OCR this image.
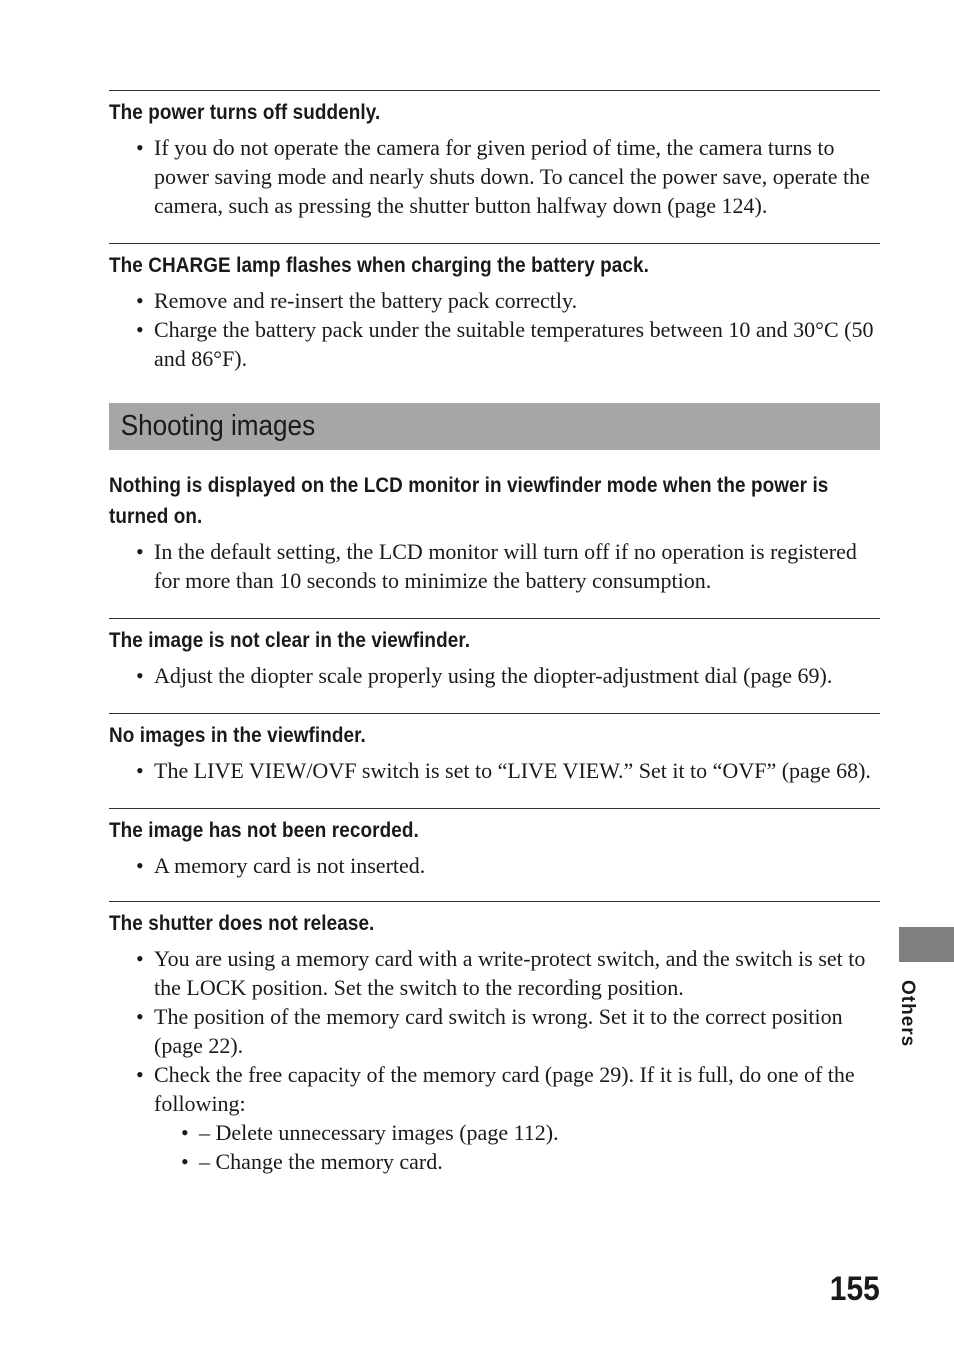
The power turns off suddenly.
• If you do not operate the camera for given period of time, the camera turns to power saving mode and nearly shuts down. To cancel the power save, operate the camera, such as pressing the shutter button halfway down (page 124).
The CHARGE lamp flashes when charging the battery pack.
• Remove and re-insert the battery pack correctly.
• Charge the battery pack under the suitable temperatures between 10 and 30°C (50 and 86°F).
Shooting images
Nothing is displayed on the LCD monitor in viewfinder mode when the power is turned on.
• In the default setting, the LCD monitor will turn off if no operation is registered for more than 10 seconds to minimize the battery consumption.
The image is not clear in the viewfinder.
• Adjust the diopter scale properly using the diopter-adjustment dial (page 69).
No images in the viewfinder.
• The LIVE VIEW/OVF switch is set to “LIVE VIEW.” Set it to “OVF” (page 68).
The image has not been recorded.
• A memory card is not inserted.
The shutter does not release.
• You are using a memory card with a write-protect switch, and the switch is set to the LOCK position. Set the switch to the recording position.
• The position of the memory card switch is wrong. Set it to the correct position (page 22).
• Check the free capacity of the memory card (page 29). If it is full, do one of the following:
• – Delete unnecessary images (page 112).
• – Change the memory card.
Others
155
